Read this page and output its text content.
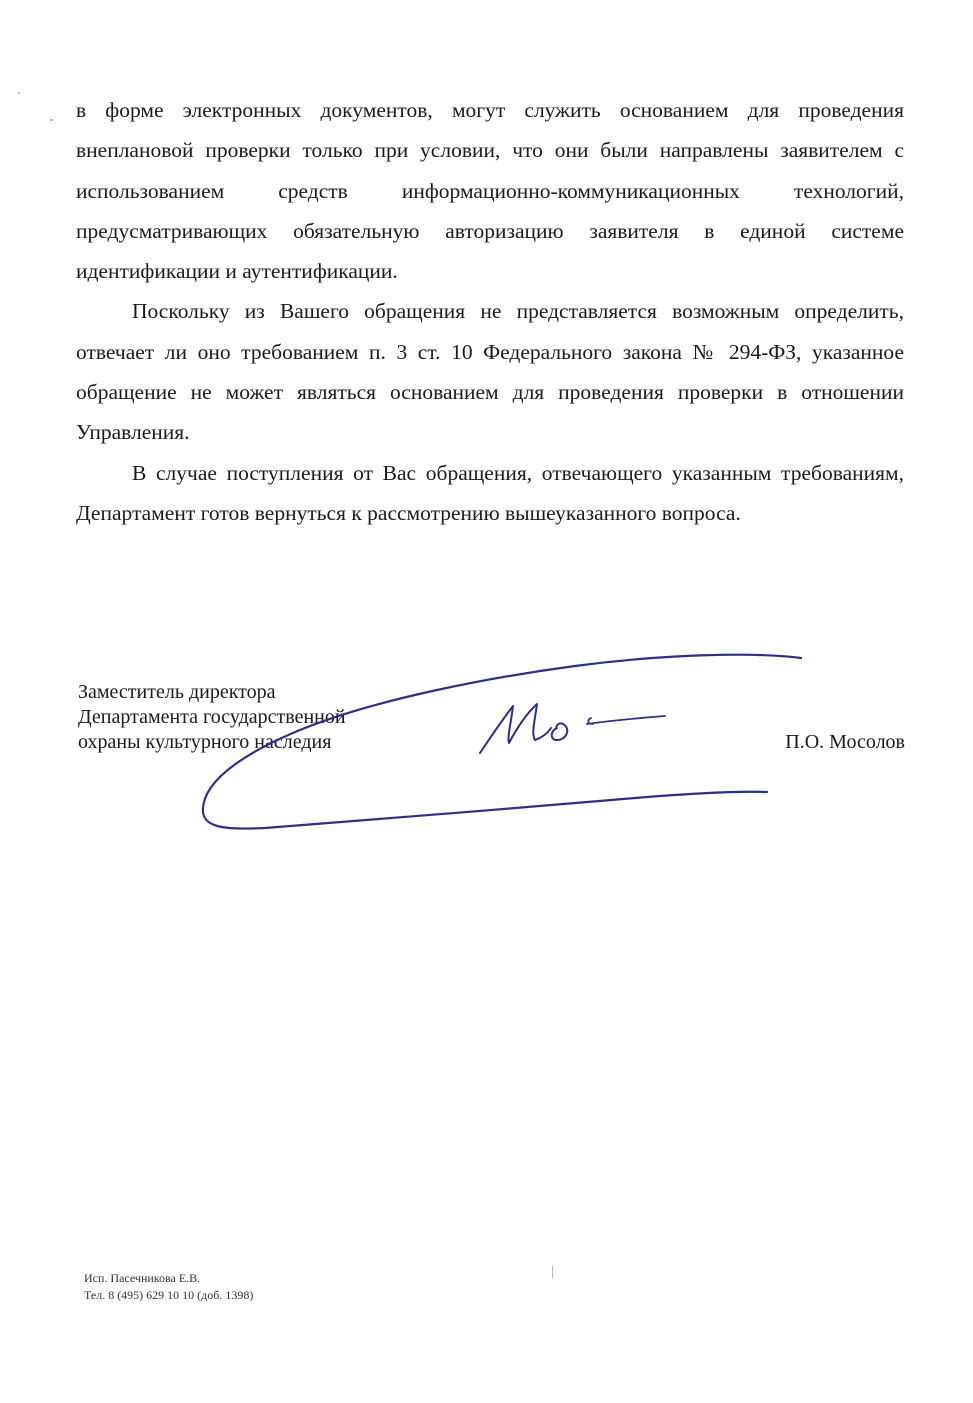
в форме электронных документов, могут служить основанием для проведения внеплановой проверки только при условии, что они были направлены заявителем с использованием средств информационно-коммуникационных технологий, предусматривающих обязательную авторизацию заявителя в единой системе идентификации и аутентификации.

Поскольку из Вашего обращения не представляется возможным определить, отвечает ли оно требованием п. 3 ст. 10 Федерального закона № 294-ФЗ, указанное обращение не может являться основанием для проведения проверки в отношении Управления.

В случае поступления от Вас обращения, отвечающего указанным требованиям, Департамент готов вернуться к рассмотрению вышеуказанного вопроса.

Заместитель директора
Департамента государственной
охраны культурного наследия	П.О. Мосолов
Исп. Пасечникова Е.В.
Тел. 8 (495) 629 10 10 (доб. 1398)
